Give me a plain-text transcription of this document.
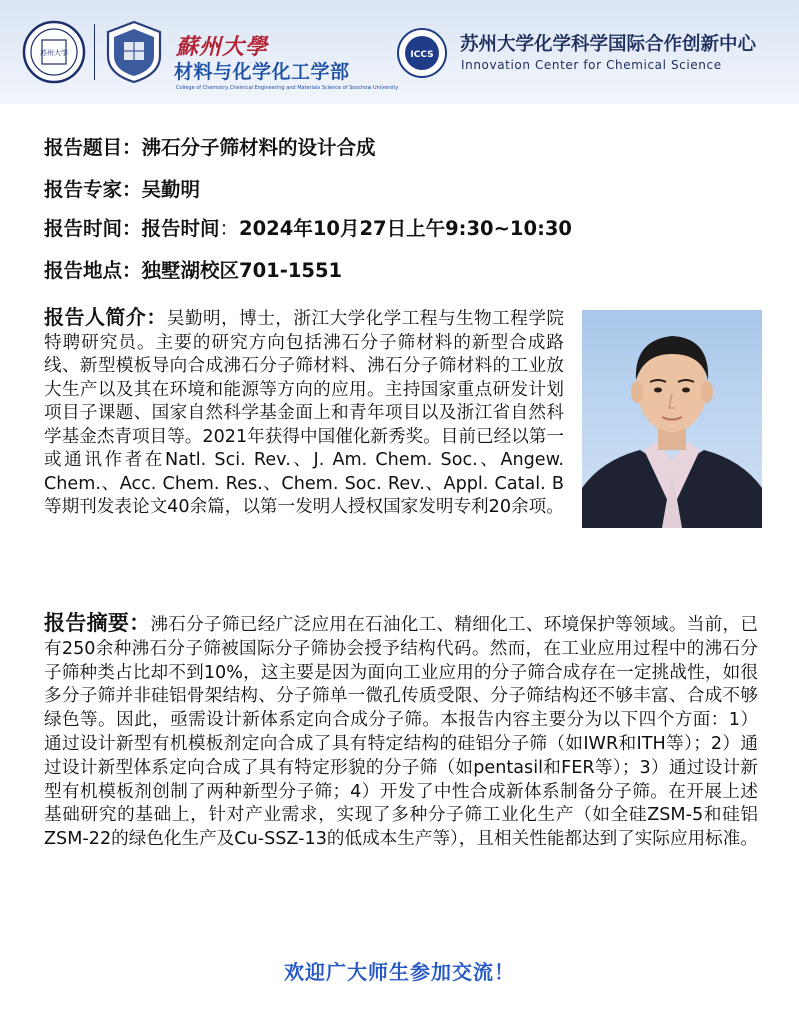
苏州大学	蘇州大學
材料与化学化工学部
College of Chemistry,Chemical Engineering and Materials Science of Soochow University
ICCS 苏州大学化学科学国际合作创新中心
Innovation Center for Chemical Science
报告题目：沸石分子筛材料的设计合成
报告专家：吴勤明
报告时间：报告时间：2024年10月27日上午9:30~10:30
报告地点：独墅湖校区701-1551
报告人简介：吴勤明，博士，浙江大学化学工程与生物工程学院特聘研究员。主要的研究方向包括沸石分子筛材料的新型合成路线、新型模板导向合成沸石分子筛材料、沸石分子筛材料的工业放大生产以及其在环境和能源等方向的应用。主持国家重点研发计划项目子课题、国家自然科学基金面上和青年项目以及浙江省自然科学基金杰青项目等。2021年获得中国催化新秀奖。目前已经以第一或通讯作者在Natl. Sci. Rev.、J. Am. Chem. Soc.、Angew. Chem.、Acc. Chem. Res.、Chem. Soc. Rev.、Appl. Catal. B等期刊发表论文40余篇，以第一发明人授权国家发明专利20余项。
报告摘要：沸石分子筛已经广泛应用在石油化工、精细化工、环境保护等领域。当前，已有250余种沸石分子筛被国际分子筛协会授予结构代码。然而，在工业应用过程中的沸石分子筛种类占比却不到10%，这主要是因为面向工业应用的分子筛合成存在一定挑战性，如很多分子筛并非硅铝骨架结构、分子筛单一微孔传质受限、分子筛结构还不够丰富、合成不够绿色等。因此，亟需设计新体系定向合成分子筛。本报告内容主要分为以下四个方面：1）通过设计新型有机模板剂定向合成了具有特定结构的硅铝分子筛（如IWR和ITH等）；2）通过设计新型体系定向合成了具有特定形貌的分子筛（如pentasil和FER等）；3）通过设计新型有机模板剂创制了两种新型分子筛；4）开发了中性合成新体系制备分子筛。在开展上述基础研究的基础上，针对产业需求，实现了多种分子筛工业化生产（如全硅ZSM-5和硅铝ZSM-22的绿色化生产及Cu-SSZ-13的低成本生产等），且相关性能都达到了实际应用标准。
欢迎广大师生参加交流！
